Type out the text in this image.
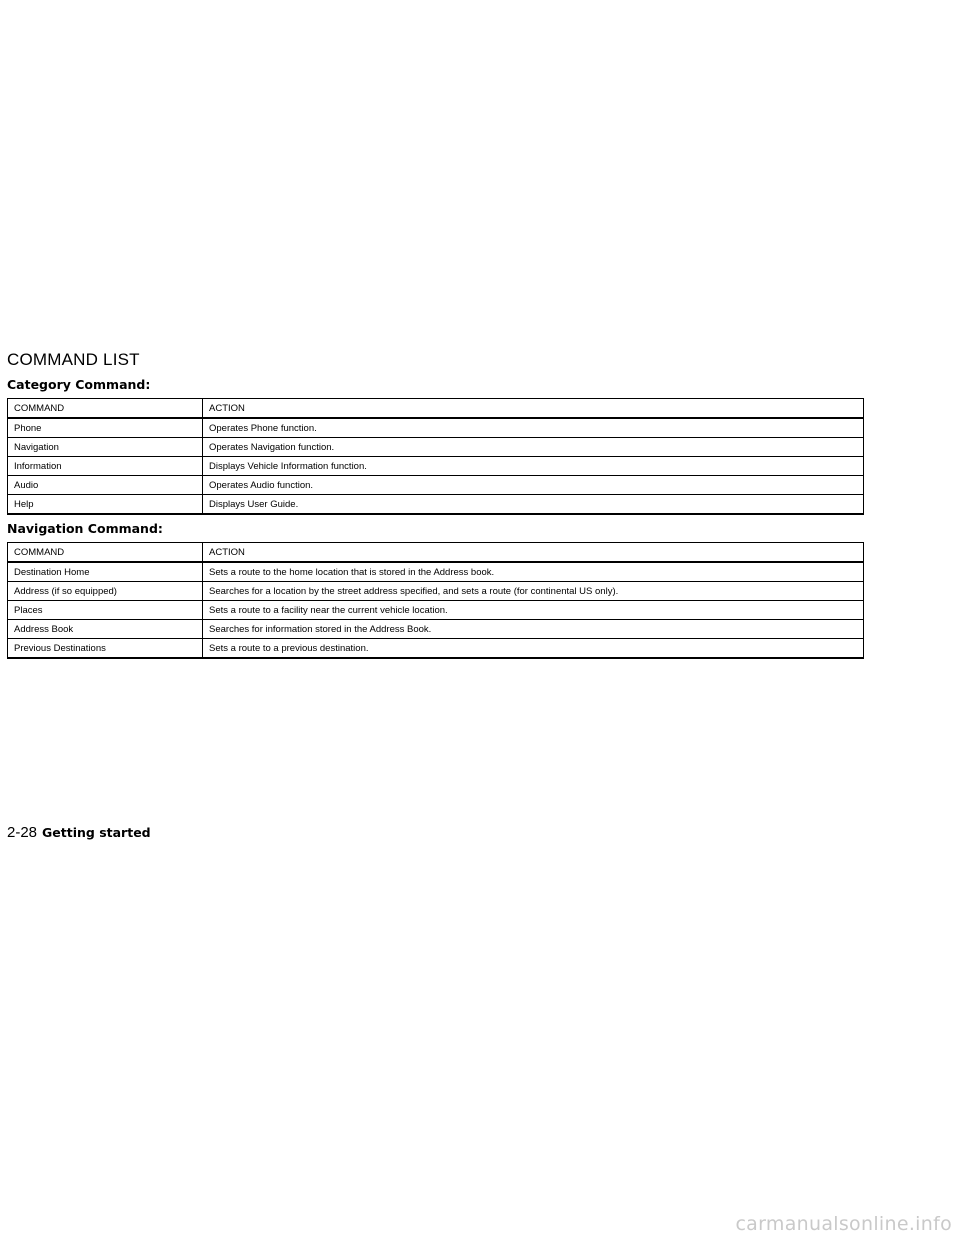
COMMAND LIST
Category Command:
COMMAND	ACTION
Phone	Operates Phone function.
Navigation	Operates Navigation function.
Information	Displays Vehicle Information function.
Audio	Operates Audio function.
Help	Displays User Guide.
Navigation Command:
COMMAND	ACTION
Destination Home	Sets a route to the home location that is stored in the Address book.
Address (if so equipped)	Searches for a location by the street address specified, and sets a route (for continental US only).
Places	Sets a route to a facility near the current vehicle location.
Address Book	Searches for information stored in the Address Book.
Previous Destinations	Sets a route to a previous destination.
2-28 Getting started
carmanualsonline.info
